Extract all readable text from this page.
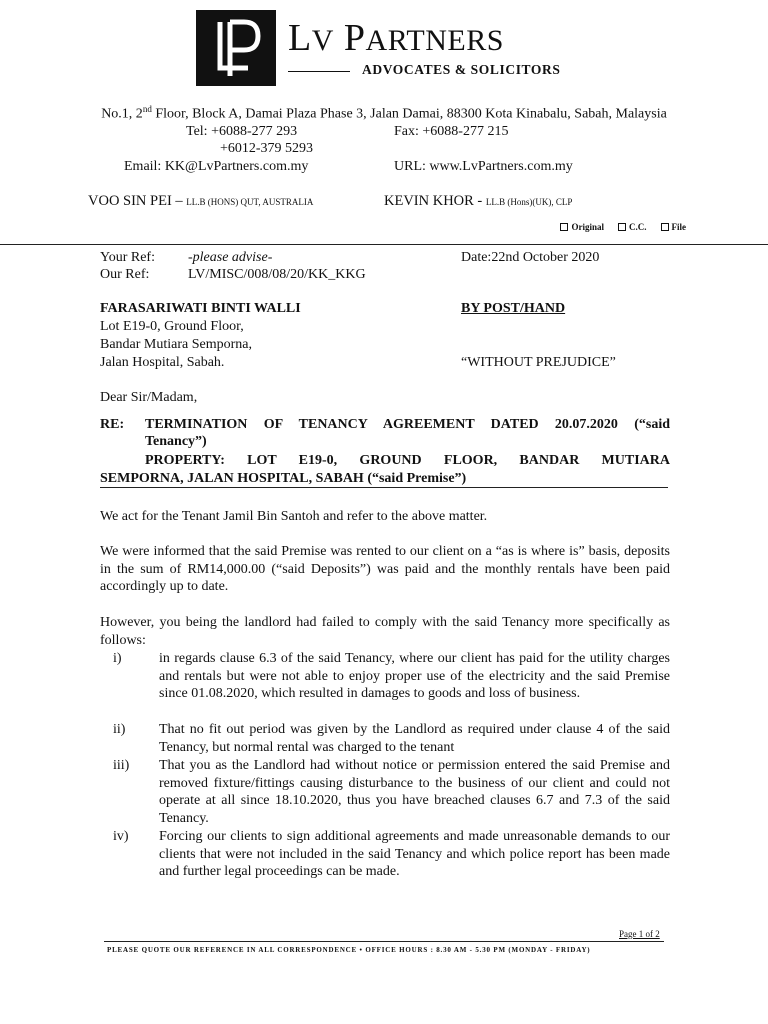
LV PARTNERS
ADVOCATES & SOLICITORS
No.1, 2nd Floor, Block A, Damai Plaza Phase 3, Jalan Damai, 88300 Kota Kinabalu, Sabah, Malaysia
Tel: +6088-277 293
+6012-379 5293
Fax: +6088-277 215
Email: KK@LvPartners.com.my	URL: www.LvPartners.com.my
VOO SIN PEI – LL.B (HONS) QUT, AUSTRALIA	KEVIN KHOR - LL.B (Hons)(UK), CLP
Original	C.C.	File
Your Ref: -please advise-
Our Ref:	LV/MISC/008/08/20/KK_KKG
Date:22nd October 2020
FARASARIWATI BINTI WALLI
Lot E19-0, Ground Floor,
Bandar Mutiara Semporna,
Jalan Hospital, Sabah.
BY POST/HAND
“WITHOUT PREJUDICE”
Dear Sir/Madam,
RE: TERMINATION OF TENANCY AGREEMENT DATED 20.07.2020 (“said
Tenancy”)
PROPERTY: LOT E19-0, GROUND FLOOR, BANDAR MUTIARA
SEMPORNA, JALAN HOSPITAL, SABAH (“said Premise”)
We act for the Tenant Jamil Bin Santoh and refer to the above matter.
We were informed that the said Premise was rented to our client on a “as is where is” basis, deposits in the sum of RM14,000.00 (“said Deposits”) was paid and the monthly rentals have been paid accordingly up to date.
However, you being the landlord had failed to comply with the said Tenancy more specifically as follows:
i)	in regards clause 6.3 of the said Tenancy, where our client has paid for the utility charges and rentals but were not able to enjoy proper use of the electricity and the said Premise since 01.08.2020, which resulted in damages to goods and loss of business.
ii) That no fit out period was given by the Landlord as required under clause 4 of the said Tenancy, but normal rental was charged to the tenant
iii) That you as the Landlord had without notice or permission entered the said Premise and removed fixture/fittings causing disturbance to the business of our client and could not operate at all since 18.10.2020, thus you have breached clauses 6.7 and 7.3 of the said Tenancy.
iv) Forcing our clients to sign additional agreements and made unreasonable demands to our clients that were not included in the said Tenancy and which police report has been made and further legal proceedings can be made.
Page 1 of 2
PLEASE QUOTE OUR REFERENCE IN ALL CORRESPONDENCE • OFFICE HOURS : 8.30 AM - 5.30 PM (MONDAY - FRIDAY)
